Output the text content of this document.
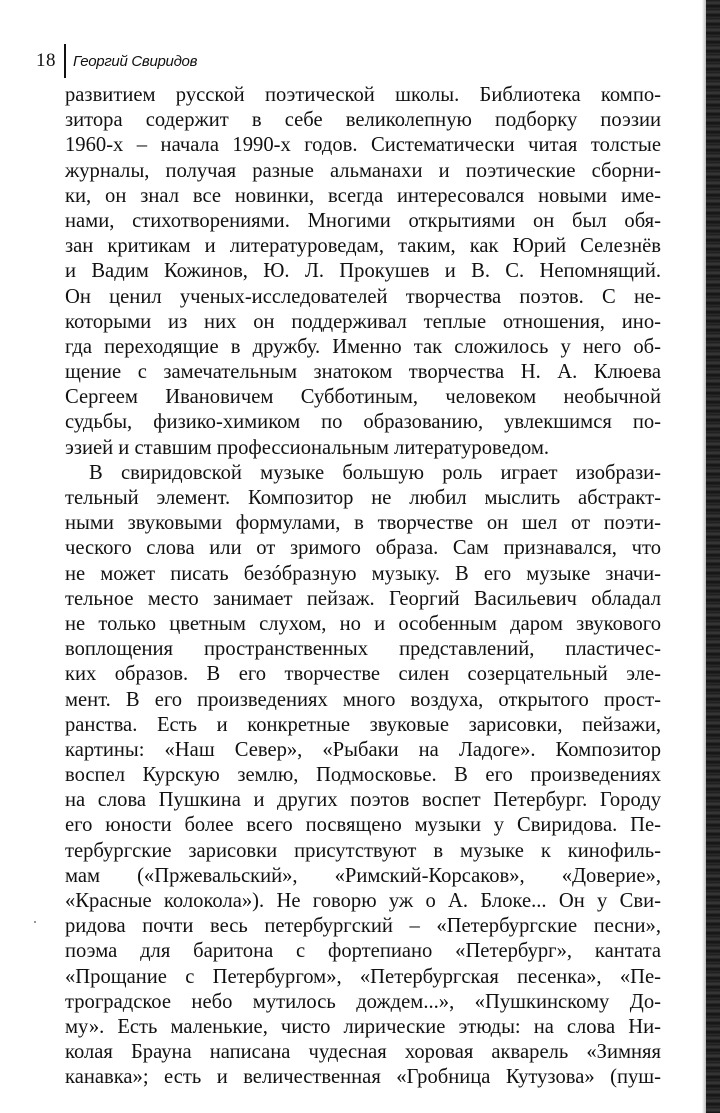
18 Георгий Свиридов
развитием русской поэтической школы. Библиотека компо-
зитора содержит в себе великолепную подборку поэзии
1960-х – начала 1990-х годов. Систематически читая толстые
журналы, получая разные альманахи и поэтические сборни-
ки, он знал все новинки, всегда интересовался новыми име-
нами, стихотворениями. Многими открытиями он был обя-
зан критикам и литературоведам, таким, как Юрий Селезнёв
и Вадим Кожинов, Ю. Л. Прокушев и В. С. Непомнящий.
Он ценил ученых-исследователей творчества поэтов. С не-
которыми из них он поддерживал теплые отношения, ино-
гда переходящие в дружбу. Именно так сложилось у него об-
щение с замечательным знатоком творчества Н. А. Клюева
Сергеем Ивановичем Субботиным, человеком необычной
судьбы, физико-химиком по образованию, увлекшимся по-
эзией и ставшим профессиональным литературоведом.
В свиридовской музыке большую роль играет изобрази-
тельный элемент. Композитор не любил мыслить абстракт-
ными звуковыми формулами, в творчестве он шел от поэти-
ческого слова или от зримого образа. Сам признавался, что
не может писать безóбразную музыку. В его музыке значи-
тельное место занимает пейзаж. Георгий Васильевич обладал
не только цветным слухом, но и особенным даром звукового
воплощения пространственных представлений, пластичес-
ких образов. В его творчестве силен созерцательный эле-
мент. В его произведениях много воздуха, открытого прост-
ранства. Есть и конкретные звуковые зарисовки, пейзажи,
картины: «Наш Север», «Рыбаки на Ладоге». Композитор
воспел Курскую землю, Подмосковье. В его произведениях
на слова Пушкина и других поэтов воспет Петербург. Городу
его юности более всего посвящено музыки у Свиридова. Пе-
тербургские зарисовки присутствуют в музыке к кинофиль-
мам («Пржевальский», «Римский-Корсаков», «Доверие»,
«Красные колокола»). Не говорю уж о А. Блоке... Он у Сви-
ридова почти весь петербургский – «Петербургские песни»,
поэма для баритона с фортепиано «Петербург», кантата
«Прощание с Петербургом», «Петербургская песенка», «Пе-
троградское небо мутилось дождем...», «Пушкинскому До-
му». Есть маленькие, чисто лирические этюды: на слова Ни-
колая Брауна написана чудесная хоровая акварель «Зимняя
канавка»; есть и величественная «Гробница Кутузова» (пуш-
